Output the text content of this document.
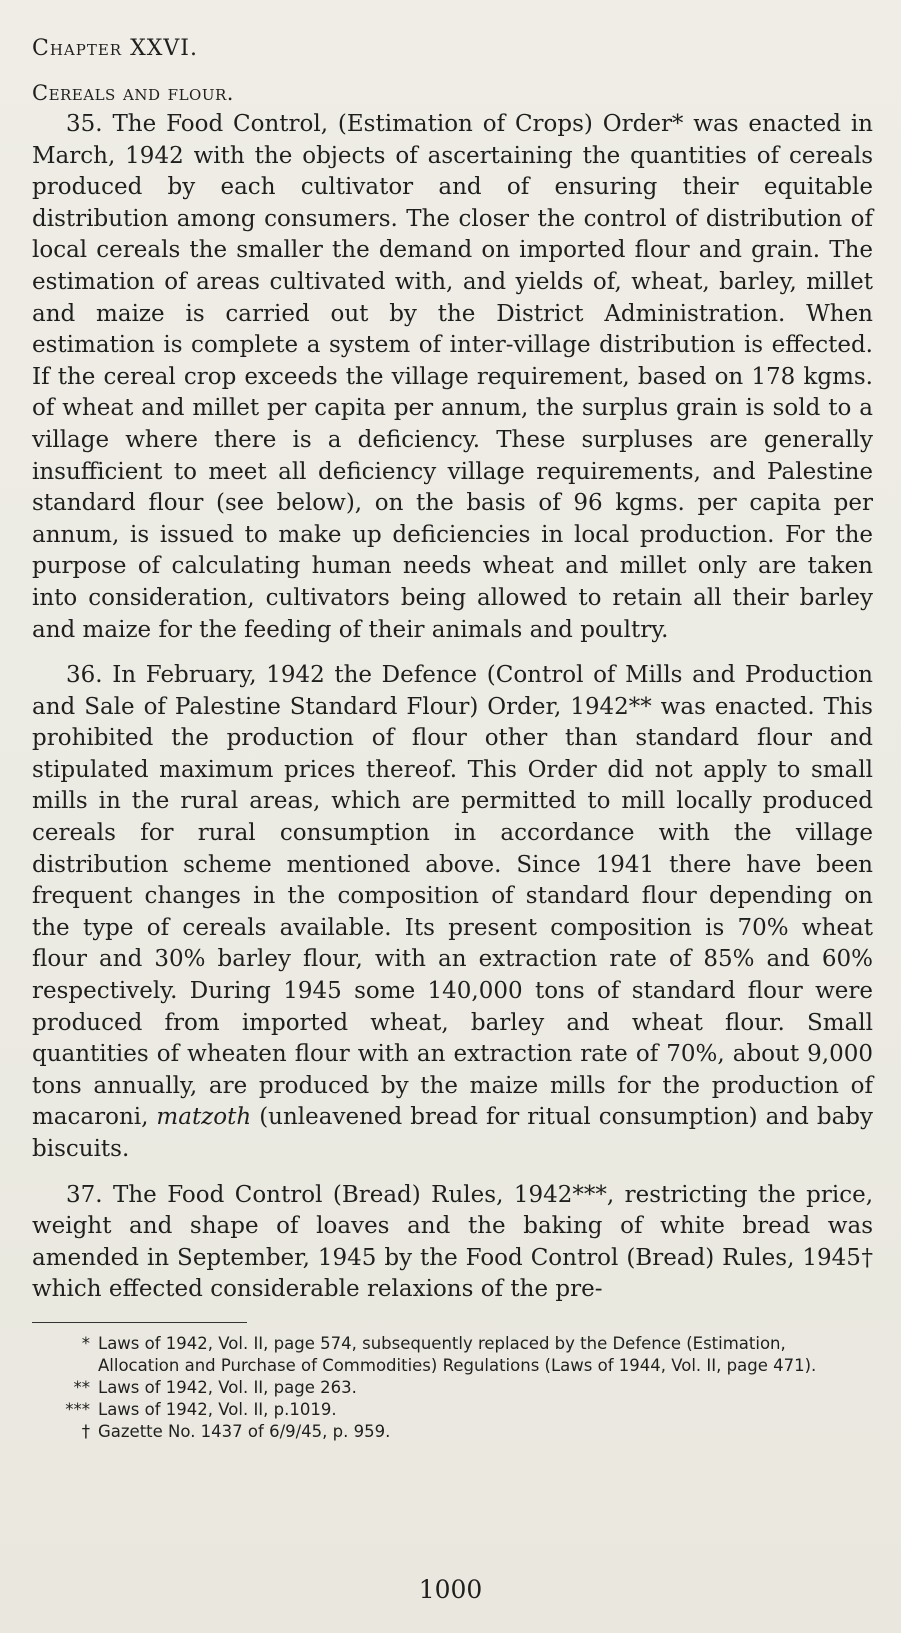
Chapter XXVI.
Cereals and flour.

35. The Food Control, (Estimation of Crops) Order* was enacted in March, 1942 with the objects of ascertaining the quantities of cereals produced by each cultivator and of ensuring their equitable distribution among consumers. The closer the control of distribution of local cereals the smaller the demand on imported flour and grain. The estimation of areas cultivated with, and yields of, wheat, barley, millet and maize is carried out by the District Administration. When estimation is complete a system of inter-village distribution is effected. If the cereal crop exceeds the village requirement, based on 178 kgms. of wheat and millet per capita per annum, the surplus grain is sold to a village where there is a deficiency. These surpluses are generally insufficient to meet all deficiency village requirements, and Palestine standard flour (see below), on the basis of 96 kgms. per capita per annum, is issued to make up deficiencies in local production. For the purpose of calculating human needs wheat and millet only are taken into consideration, cultivators being allowed to retain all their barley and maize for the feeding of their animals and poultry.

36. In February, 1942 the Defence (Control of Mills and Production and Sale of Palestine Standard Flour) Order, 1942** was enacted. This prohibited the production of flour other than standard flour and stipulated maximum prices thereof. This Order did not apply to small mills in the rural areas, which are permitted to mill locally produced cereals for rural consumption in accordance with the village distribution scheme mentioned above. Since 1941 there have been frequent changes in the composition of standard flour depending on the type of cereals available. Its present composition is 70% wheat flour and 30% barley flour, with an extraction rate of 85% and 60% respectively. During 1945 some 140,000 tons of standard flour were produced from imported wheat, barley and wheat flour. Small quantities of wheaten flour with an extraction rate of 70%, about 9,000 tons annually, are produced by the maize mills for the production of macaroni, matzoth (unleavened bread for ritual consumption) and baby biscuits.

37. The Food Control (Bread) Rules, 1942***, restricting the price, weight and shape of loaves and the baking of white bread was amended in September, 1945 by the Food Control (Bread) Rules, 1945† which effected considerable relaxions of the pre-

* Laws of 1942, Vol. II, page 574, subsequently replaced by the Defence (Estimation, Allocation and Purchase of Commodities) Regulations (Laws of 1944, Vol. II, page 471).
** Laws of 1942, Vol. II, page 263.
*** Laws of 1942, Vol. II, p.1019.
† Gazette No. 1437 of 6/9/45, p. 959.
1000
